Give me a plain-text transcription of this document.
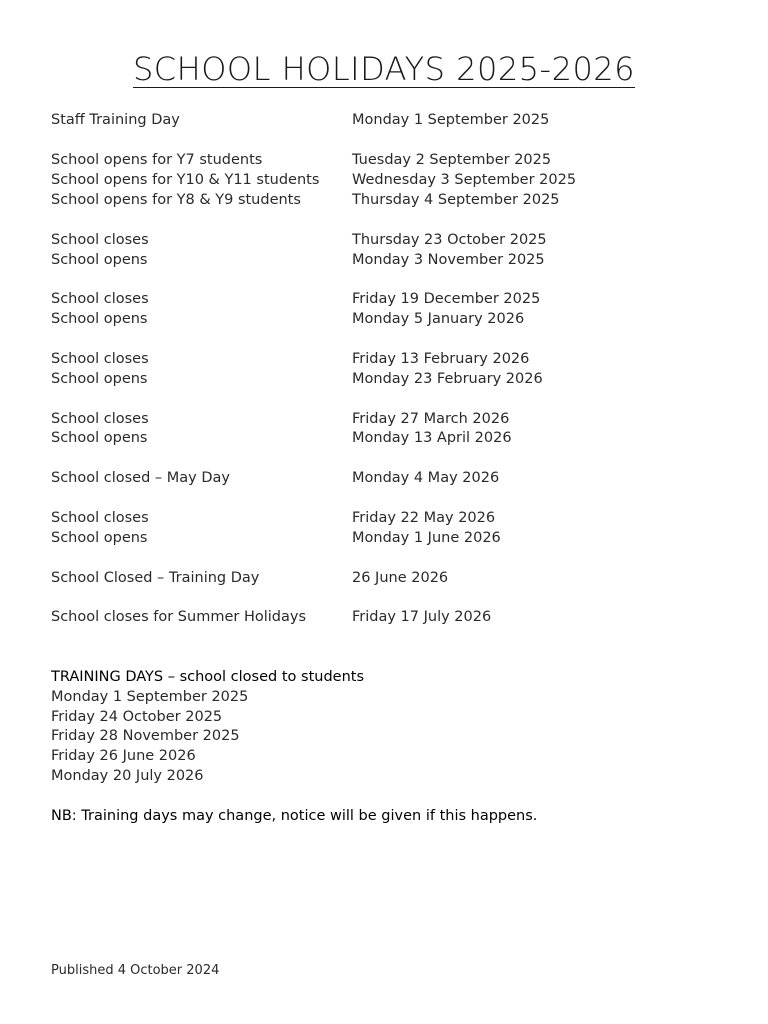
SCHOOL HOLIDAYS 2025-2026
Staff Training Day	Monday 1 September 2025
School opens for Y7 students	Tuesday 2 September 2025
School opens for Y10 & Y11 students Wednesday 3 September 2025
School opens for Y8 & Y9 students	Thursday 4 September 2025
School closes	Thursday 23 October 2025
School opens	Monday 3 November 2025
School closes	Friday 19 December 2025
School opens	Monday 5 January 2026
School closes	Friday 13 February 2026
School opens	Monday 23 February 2026
School closes	Friday 27 March 2026
School opens	Monday 13 April 2026
School closed – May Day	Monday 4 May 2026
School closes	Friday 22 May 2026
School opens	Monday 1 June 2026
School Closed – Training Day	26 June 2026
School closes for Summer Holidays	Friday 17 July 2026
TRAINING DAYS – school closed to students
Monday 1 September 2025
Friday 24 October 2025
Friday 28 November 2025
Friday 26 June 2026
Monday 20 July 2026
NB: Training days may change, notice will be given if this happens.
Published 4 October 2024
